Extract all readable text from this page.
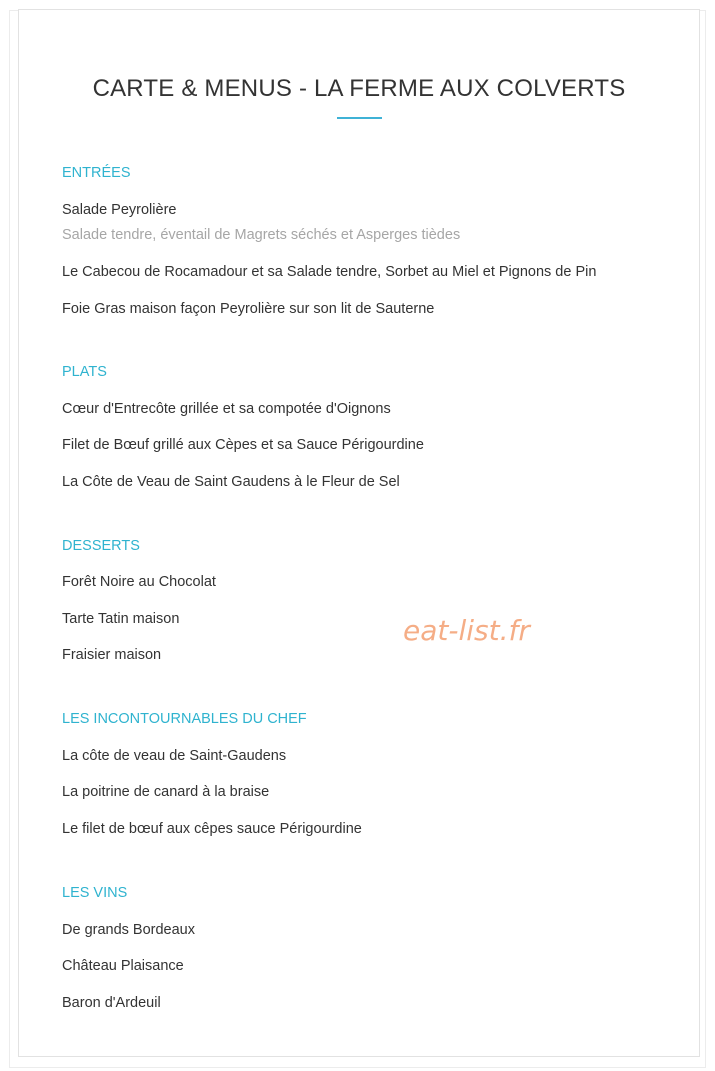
CARTE & MENUS - LA FERME AUX COLVERTS
ENTRÉES

Salade Peyrolière

Salade tendre, éventail de Magrets séchés et Asperges tièdes

Le Cabecou de Rocamadour et sa Salade tendre, Sorbet au Miel et Pignons de Pin

Foie Gras maison façon Peyrolière sur son lit de Sauterne

PLATS

Cœur d'Entrecôte grillée et sa compotée d'Oignons

Filet de Bœuf grillé aux Cèpes et sa Sauce Périgourdine

La Côte de Veau de Saint Gaudens à le Fleur de Sel

DESSERTS

Forêt Noire au Chocolat

Tarte Tatin maison

Fraisier maison

LES INCONTOURNABLES DU CHEF

La côte de veau de Saint-Gaudens

La poitrine de canard à la braise

Le filet de bœuf aux cêpes sauce Périgourdine

LES VINS

De grands Bordeaux

Château Plaisance

Baron d'Ardeuil

eat-list.fr
